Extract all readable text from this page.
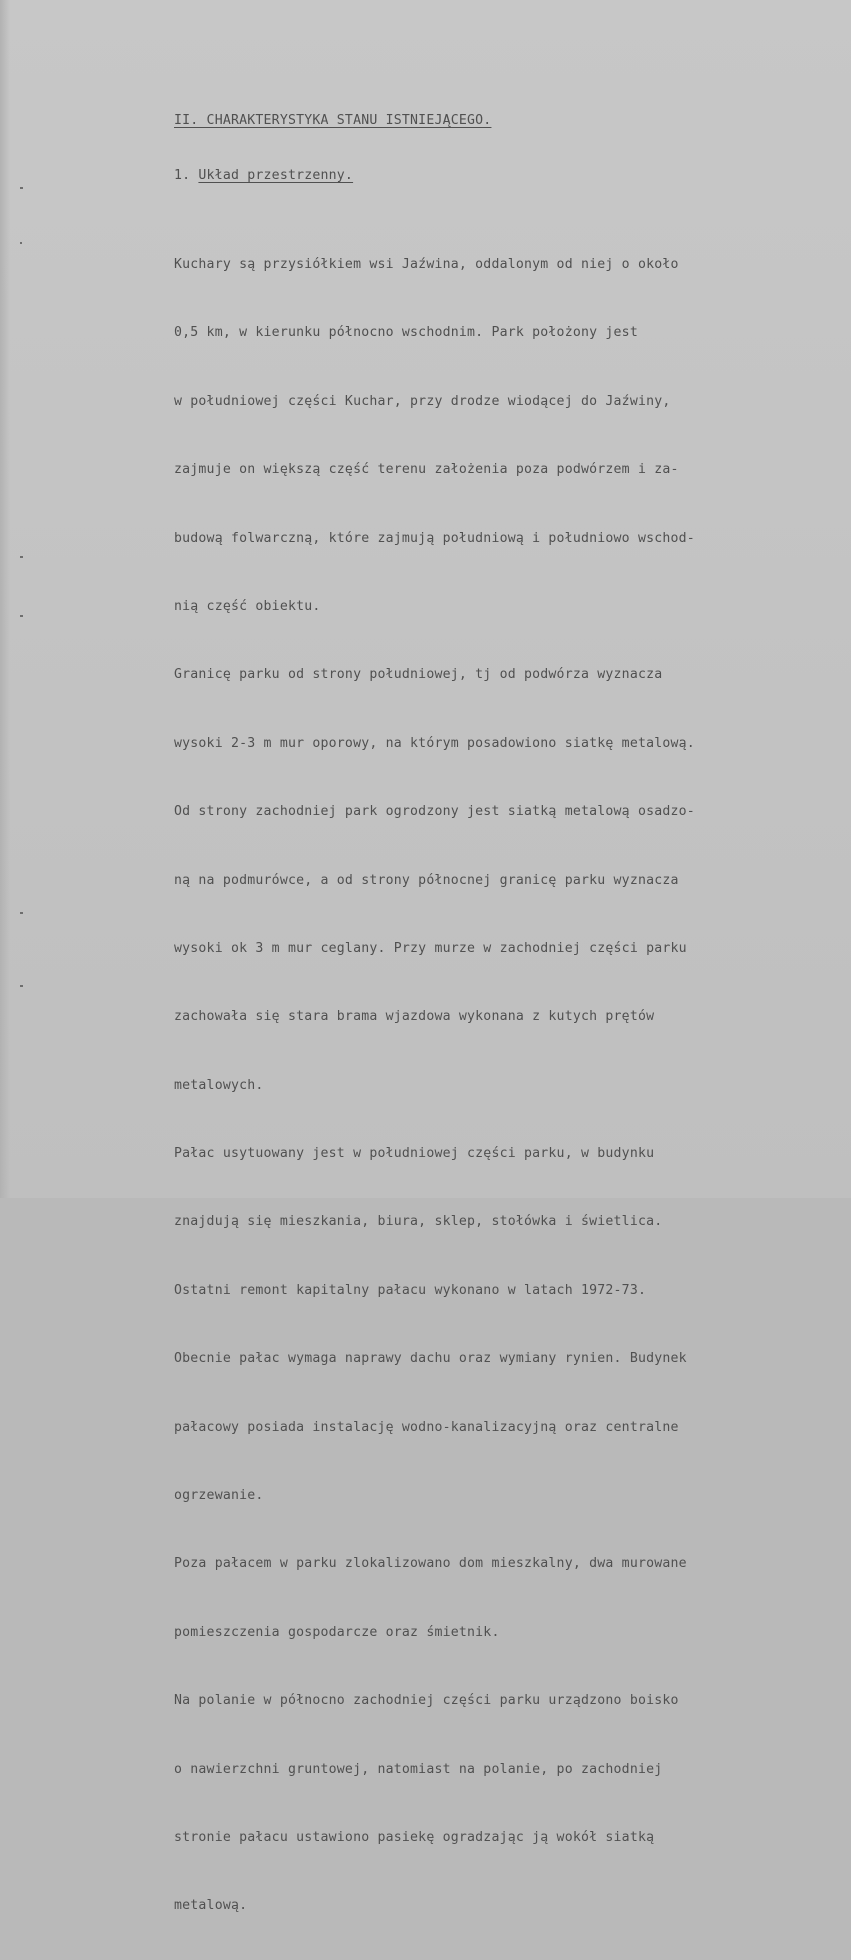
II. CHARAKTERYSTYKA STANU ISTNIEJĄCEGO.
1. Układ przestrzenny.

Kuchary są przysiółkiem wsi Jaźwina, oddalonym od niej o około

0,5 km, w kierunku północno wschodnim. Park położony jest

w południowej części Kuchar, przy drodze wiodącej do Jaźwiny,

zajmuje on większą część terenu założenia poza podwórzem i za-

budową folwarczną, które zajmują południową i południowo wschod-

nią część obiektu.

Granicę parku od strony południowej, tj od podwórza wyznacza

wysoki 2-3 m mur oporowy, na którym posadowiono siatkę metalową.

Od strony zachodniej park ogrodzony jest siatką metalową osadzo-

ną na podmurówce, a od strony północnej granicę parku wyznacza

wysoki ok 3 m mur ceglany. Przy murze w zachodniej części parku

zachowała się stara brama wjazdowa wykonana z kutych prętów

metalowych.

Pałac usytuowany jest w południowej części parku, w budynku

znajdują się mieszkania, biura, sklep, stołówka i świetlica.

Ostatni remont kapitalny pałacu wykonano w latach 1972-73.

Obecnie pałac wymaga naprawy dachu oraz wymiany rynien. Budynek

pałacowy posiada instalację wodno-kanalizacyjną oraz centralne

ogrzewanie.

Poza pałacem w parku zlokalizowano dom mieszkalny, dwa murowane

pomieszczenia gospodarcze oraz śmietnik.

Na polanie w północno zachodniej części parku urządzono boisko

o nawierzchni gruntowej, natomiast na polanie, po zachodniej

stronie pałacu ustawiono pasiekę ogradzając ją wokół siatką

metalową.
